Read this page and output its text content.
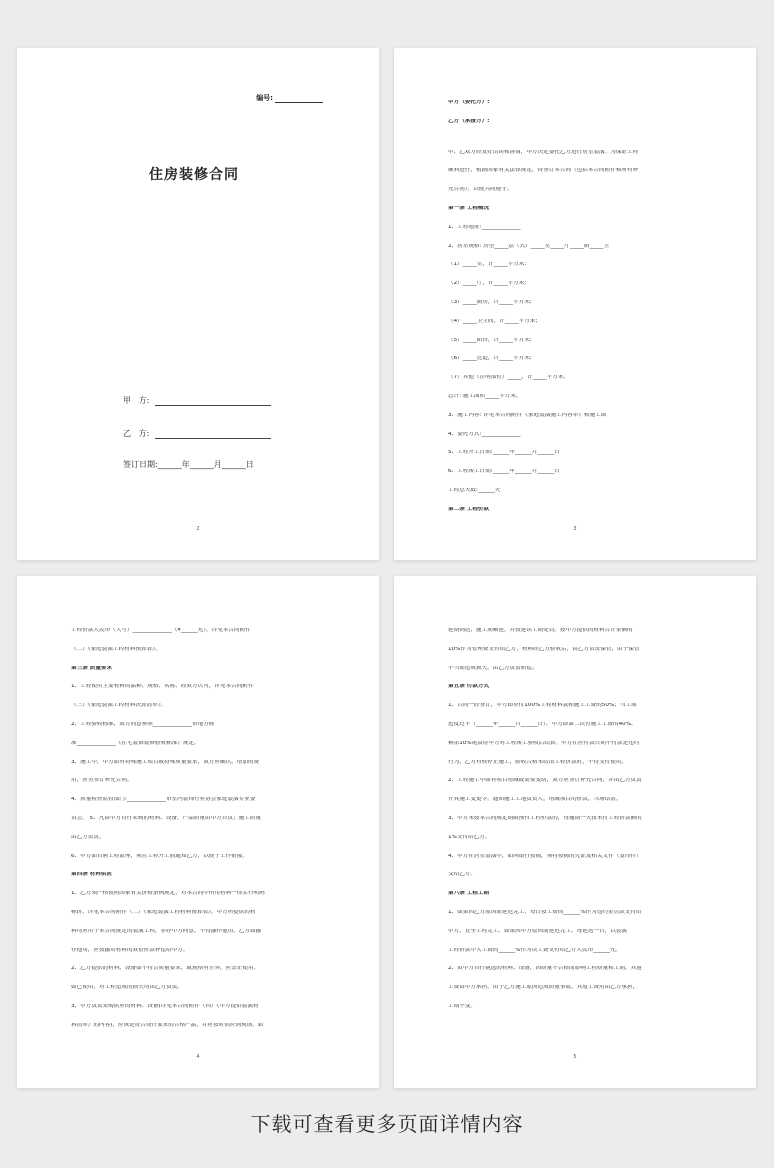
编号:
住房装修合同
甲   方:
乙   方:
签订日期:______年______月______日
2
甲方（委托方）:
乙方（承接方）:
甲、乙双方经友好洽谈和协商，甲方决定委托乙方进行居室装潢。为保证工程
顺利进行，根据国家有关法律规定，特签订本合同（包括本合同附件和所有补
充合同），以便共同遵守。
第一条 工程概况
1、工程地址:______________
2、居室规格: 房型_____层（式）_____室_____厅_____厨_____卫
（1）_____室，计_____平方米;
（2）_____厅，计_____平方米;
（3）_____厨房，计_____平方米;
（4）_____卫生间，计_____平方米;
（5）_____阳台，计_____平方米;
（6）_____过道，计_____平方米;
（7）其他（注明部位）_____，计_____平方米。
总计: 施工面积_____平方米。
3、施工内容: 详见本合同附件《家庭装潢施工内容单》和施工图
4、委托方式:______________
5、工程开工日期:______年______月______日
6、工程竣工日期:______年______月______日
工程总天数:______天
第二条 工程价款
3
工程价款人民币（大写）______________（¥______元），详见本合同附件
（二）《家庭装潢工程材料预算表》。
第三条 质量要求
1、工程使用主要材料的品种、规格、名称，经双方认可，详见本合同附件
（三）《家庭装潢工程材料决算清单》。
2、工程验收标准，双方同意参照______________市地方标
准______________《住宅装饰装修验收标准》规定。
3、施工中，甲方如有特殊施工项目或特殊质量要求，双方应确认，增加的费
用，应另签订补充合同。
4、质量检查监督部门:______________市室内装饰行业协会家庭装潢专业委
员会。 5、凡由甲方自行采购的材料、设备，产品质量由甲方自负；施工质量
由乙方负责。
6、甲方如自聘工程监理，须在工程开工前通知乙方，以便于工作衔接。
第四条 材料供应
1、乙方须严格按照国家有关价格条例规定，对本合同中所用材料一律实行明码
标价。详见本合同附件（二）《家庭装潢工程材料预算表》。甲方所提供的材
料均应用于本合同规定的装潢工程，非经甲方同意，不得挪作他用。乙方如挪
作他用，应按挪用材料的双倍价款补偿给甲方。
2、乙方提供的材料、设备如不符合质量要求，或规格有差异，应禁止使用。
如已使用，对工程造成的损失均由乙方负责。
3、甲方负责采购供应的材料、设备(详见本合同附件（四）《甲方提供装潢材
料清单》的内容)，应该是符合设计要求的合格产品，并应按时供应到现场，如
4
延期到达，施工期顺延，并按延误工期处罚。按甲方提供的材料合计金额的
10%作为管理费支付给乙方，材料经乙方验收后，由乙方负责保管，由于保管
不当而造成损失，由乙方负责赔偿。
第五条 付款方式
1、合同一经签订，甲方即应付100%工程材料款和施工工费的50%；当工期
进度过半（______年______月______日），甲方即第二次付施工工费的40%，
剩余10%尾款待甲方对工程竣工验收后结算。甲方在应付款日期不付款是违约
行为，乙方有权停止施工，验收合格未结清工程价款时，不得支付使用。
2、工程施工中如有项目增减或需要变动，双方应签订补充合同，并由乙方负责
开具施工变更令，通知施工工地负责人，增减项目的价款，当场结清。
3、甲方未按本合同规定期限预付工程价款的，每逾期一天按未付工程价款额的
1%支付给乙方。
4、甲方在居室装潢中，如向银行按揭，须将按揭的凭证及相关文件（复印件）
交给乙方。
第六条 工程工期
1、如果因乙方原因而延迟完工，每日按工费的______%作为违约金罚款支付给
甲方，直至工程完工。如果因甲方原因而延迟完工，每延迟一日，以装潢
工程价款中人工费的______%作为误工费支付给乙方人民币______元。
2、由甲方自行挑选的材料、设备，因质量不合格而影响工程质量和工期，其返
工费由甲方承担，由于乙方施工原因造成质量事故，其返工费用由乙方承担，
工期不变。
5
下载可查看更多页面详情内容
